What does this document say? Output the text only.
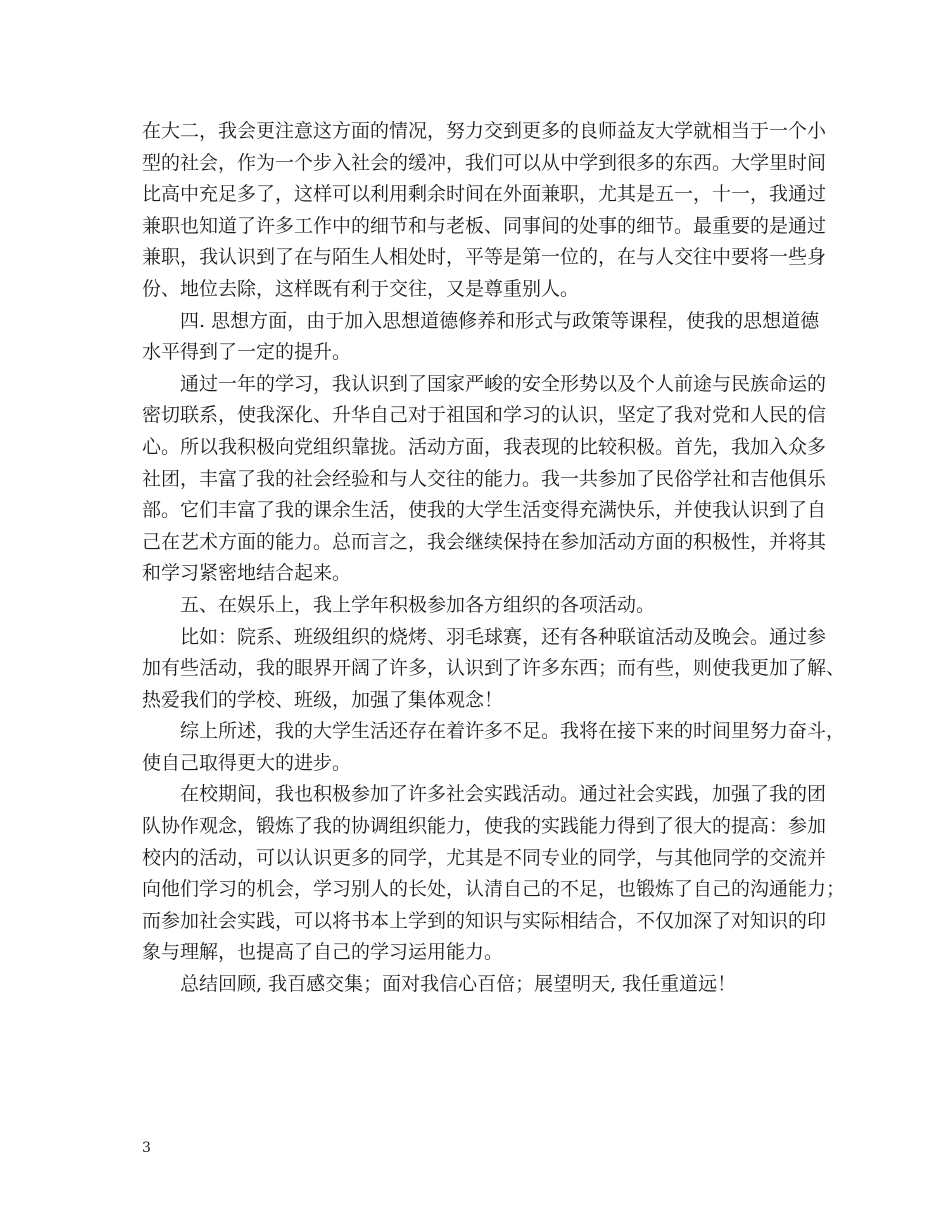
在大二，我会更注意这方面的情况，努力交到更多的良师益友大学就相当于一个小
型的社会，作为一个步入社会的缓冲，我们可以从中学到很多的东西。大学里时间
比高中充足多了，这样可以利用剩余时间在外面兼职，尤其是五一，十一，我通过
兼职也知道了许多工作中的细节和与老板、同事间的处事的细节。最重要的是通过
兼职，我认识到了在与陌生人相处时，平等是第一位的，在与人交往中要将一些身
份、地位去除，这样既有利于交往，又是尊重别人。

四. 思想方面，由于加入思想道德修养和形式与政策等课程，使我的思想道德
水平得到了一定的提升。

通过一年的学习，我认识到了国家严峻的安全形势以及个人前途与民族命运的
密切联系，使我深化、升华自己对于祖国和学习的认识，坚定了我对党和人民的信
心。所以我积极向党组织靠拢。活动方面，我表现的比较积极。首先，我加入众多
社团，丰富了我的社会经验和与人交往的能力。我一共参加了民俗学社和吉他俱乐
部。它们丰富了我的课余生活，使我的大学生活变得充满快乐，并使我认识到了自
己在艺术方面的能力。总而言之，我会继续保持在参加活动方面的积极性，并将其
和学习紧密地结合起来。

五、在娱乐上，我上学年积极参加各方组织的各项活动。

比如：院系、班级组织的烧烤、羽毛球赛，还有各种联谊活动及晚会。通过参
加有些活动，我的眼界开阔了许多，认识到了许多东西；而有些，则使我更加了解、
热爱我们的学校、班级，加强了集体观念！

综上所述，我的大学生活还存在着许多不足。我将在接下来的时间里努力奋斗，
使自己取得更大的进步。

在校期间，我也积极参加了许多社会实践活动。通过社会实践，加强了我的团
队协作观念，锻炼了我的协调组织能力，使我的实践能力得到了很大的提高：参加
校内的活动，可以认识更多的同学，尤其是不同专业的同学，与其他同学的交流并
向他们学习的机会，学习别人的长处，认清自己的不足，也锻炼了自己的沟通能力；
而参加社会实践，可以将书本上学到的知识与实际相结合，不仅加深了对知识的印
象与理解，也提高了自己的学习运用能力。

总结回顾, 我百感交集；面对我信心百倍；展望明天, 我任重道远！

3
